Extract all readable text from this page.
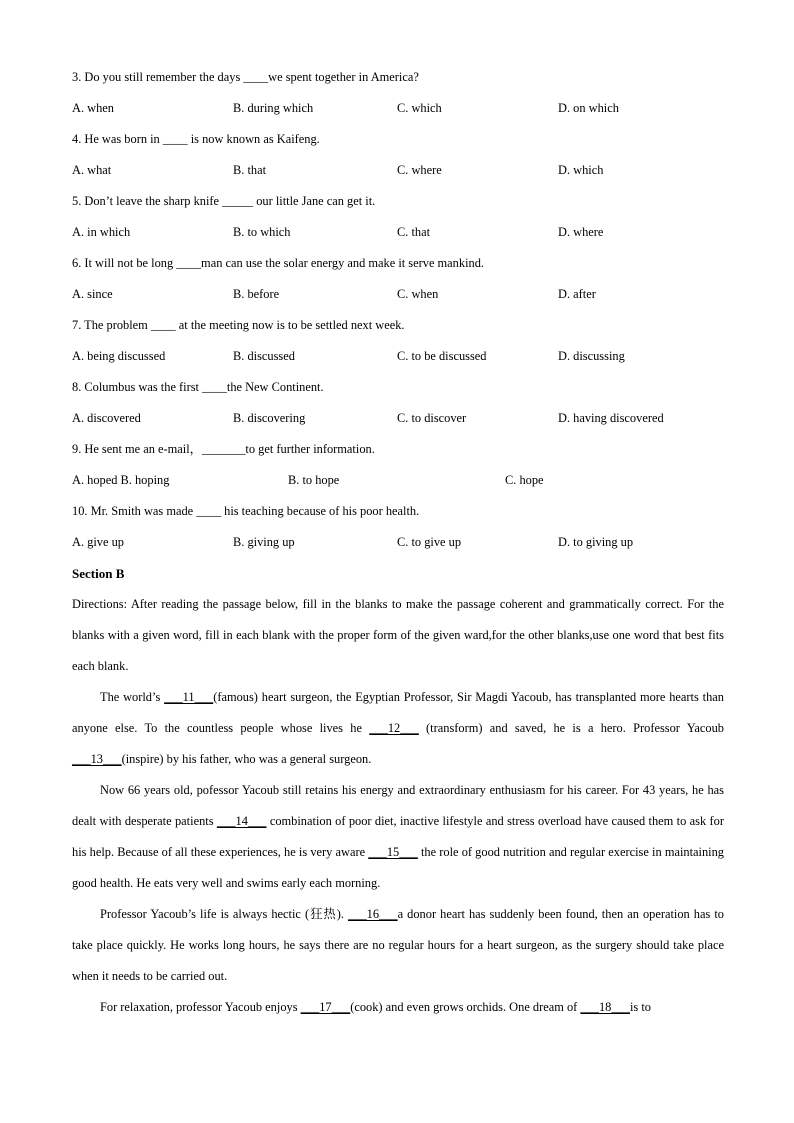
3. Do you still remember the days ____we spent together in America?
A. when	B. during which	C. which	D. on which
4. He was born in ____ is now known as Kaifeng.
A. what	B. that	C. where	D. which
5. Don’t leave the sharp knife _____ our little Jane can get it.
A. in which	B. to which	C. that	D. where
6. It will not be long ____man can use the solar energy and make it serve mankind.
A. since	B. before	C. when	D. after
7. The problem ____ at the meeting now is to be settled next week.
A. being discussed	B. discussed	C. to be discussed	D. discussing
8. Columbus was the first ____the New Continent.
A. discovered	B. discovering	C. to discover	D. having discovered
9. He sent me an e-mail，_______to get further information.
A. hoped B. hoping	B. to hope	C. hope
10. Mr. Smith was made ____ his teaching because of his poor health.
A. give up	B. giving up	C. to give up	D. to giving up
Section B
Directions: After reading the passage below, fill in the blanks to make the passage coherent and grammatically correct. For the blanks with a given word, fill in each blank with the proper form of the given ward,for the other blanks,use one word that best fits each blank.
The world’s ___11___(famous) heart surgeon, the Egyptian Professor, Sir Magdi Yacoub, has transplanted more hearts than anyone else. To the countless people whose lives he ___12___ (transform) and saved, he is a hero. Professor Yacoub ___13___(inspire) by his father, who was a general surgeon.
Now 66 years old, pofessor Yacoub still retains his energy and extraordinary enthusiasm for his career. For 43 years, he has dealt with desperate patients ___14___ combination of poor diet, inactive lifestyle and stress overload have caused them to ask for his help. Because of all these experiences, he is very aware ___15___ the role of good nutrition and regular exercise in maintaining good health. He eats very well and swims early each morning.
Professor Yacoub’s life is always hectic (狂热). ___16___a donor heart has suddenly been found, then an operation has to take place quickly. He works long hours, he says there are no regular hours for a heart surgeon, as the surgery should take place when it needs to be carried out.
For relaxation, professor Yacoub enjoys ___17___(cook) and even grows orchids. One dream of ___18___is to
